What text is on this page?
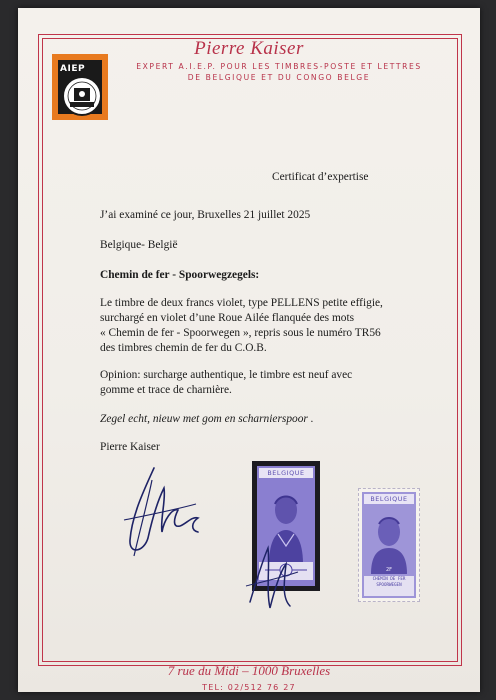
Pierre Kaiser
EXPERT A.I.E.P. POUR LES TIMBRES-POSTE ET LETTRES
DE BELGIQUE ET DU CONGO BELGE
AIEP
Certificat d’expertise
J’ai examiné ce jour, Bruxelles 21 juillet 2025
Belgique- België
Chemin de fer - Spoorwegzegels:
Le timbre de deux francs violet, type PELLENS petite effigie,
surchargé en violet d’une Roue Ailée flanquée des mots
« Chemin de fer - Spoorwegen », repris sous le numéro TR56
des timbres chemin de fer du C.O.B.
Opinion: surcharge authentique, le timbre est neuf avec
gomme et trace de charnière.
Zegel echt, nieuw met gom en scharnierspoor .
Pierre Kaiser
BELGIQUE
BELGIQUE
2F
CHEMIN DE FER
SPOORWEGEN
7 rue du Midi – 1000 Bruxelles
TEL: 02/512 76 27
